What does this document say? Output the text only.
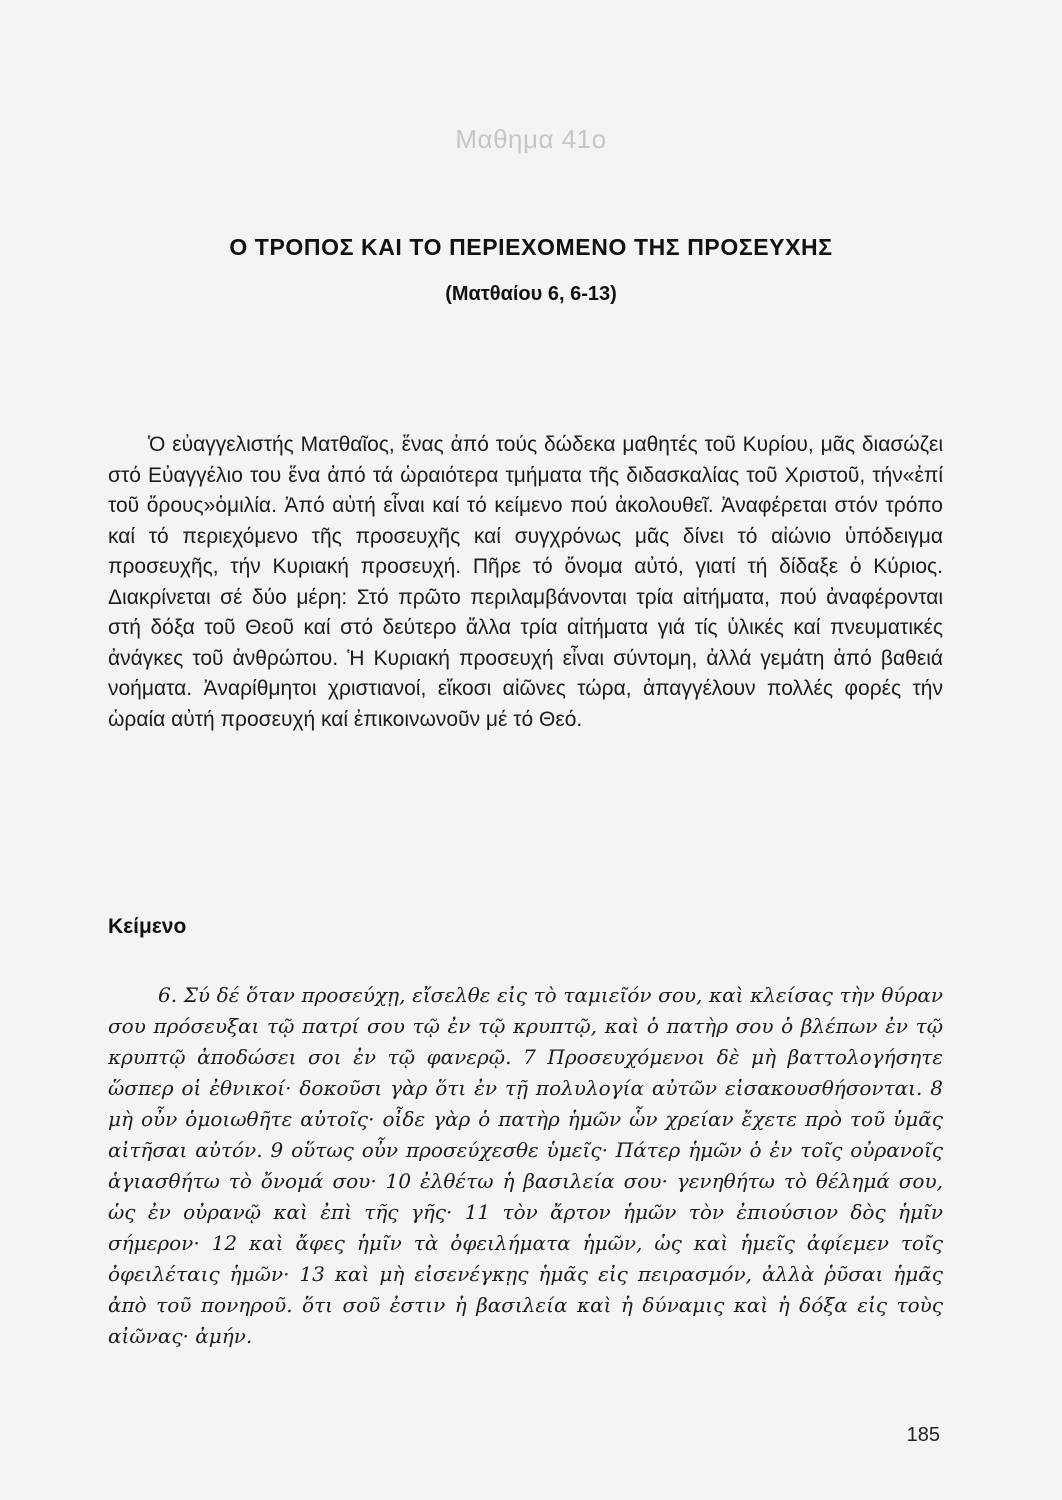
Μαθημα 41ο
Ο ΤΡΟΠΟΣ ΚΑΙ ΤΟ ΠΕΡΙΕΧΟΜΕΝΟ ΤΗΣ ΠΡΟΣΕΥΧΗΣ
(Ματθαίου 6, 6-13)

Ὁ εὐαγγελιστής Ματθαῖος, ἕνας ἀπό τούς δώδεκα μαθητές τοῦ Κυρίου, μᾶς διασώζει στό Εὐαγγέλιο του ἕνα ἀπό τά ὡραιότερα τμήματα τῆς διδασκαλίας τοῦ Χριστοῦ, τήν«ἐπί τοῦ ὄρους»ὁμιλία. Ἀπό αὐτή εἶναι καί τό κείμενο πού ἀκολουθεῖ. Ἀναφέρεται στόν τρόπο καί τό περιεχόμενο τῆς προσευχῆς καί συγχρόνως μᾶς δίνει τό αἰώνιο ὑπόδειγμα προσευχῆς, τήν Κυριακή προσευχή. Πῆρε τό ὄνομα αὐτό, γιατί τή δίδαξε ὁ Κύριος. Διακρίνεται σέ δύο μέρη: Στό πρῶτο περιλαμβάνονται τρία αἰτήματα, πού ἀναφέρονται στή δόξα τοῦ Θεοῦ καί στό δεύτερο ἄλλα τρία αἰτήματα γιά τίς ὑλικές καί πνευματικές ἀνάγκες τοῦ ἀνθρώπου. Ἡ Κυριακή προσευχή εἶναι σύντομη, ἀλλά γεμάτη ἀπό βαθειά νοήματα. Ἀναρίθμητοι χριστιανοί, εἴκοσι αἰῶνες τώρα, ἀπαγγέλουν πολλές φορές τήν ὡραία αὐτή προσευχή καί ἐπικοινωνοῦν μέ τό Θεό.

Κείμενο

6. Σύ δέ ὅταν προσεύχῃ, εἴσελθε εἰς τὸ ταμιεῖόν σου, καὶ κλείσας τὴν θύραν σου πρόσευξαι τῷ πατρί σου τῷ ἐν τῷ κρυπτῷ, καὶ ὁ πατὴρ σου ὁ βλέπων ἐν τῷ κρυπτῷ ἀποδώσει σοι ἐν τῷ φανερῷ. 7 Προσευχόμενοι δὲ μὴ βαττολογήσητε ὥσπερ οἱ ἐθνικοί· δοκοῦσι γὰρ ὅτι ἐν τῇ πολυλογία αὐτῶν εἰσακουσθήσονται. 8 μὴ οὖν ὁμοιωθῆτε αὐτοῖς· οἶδε γὰρ ὁ πατὴρ ἡμῶν ὧν χρείαν ἔχετε πρὸ τοῦ ὑμᾶς αἰτῆσαι αὐτόν. 9 οὕτως οὖν προσεύχεσθε ὑμεῖς· Πάτερ ἡμῶν ὁ ἐν τοῖς οὐρανοῖς ἁγιασθήτω τὸ ὄνομά σου· 10 ἐλθέτω ἡ βασιλεία σου· γενηθήτω τὸ θέλημά σου, ὡς ἐν οὐρανῷ καὶ ἐπὶ τῆς γῆς· 11 τὸν ἄρτον ἡμῶν τὸν ἐπιούσιον δὸς ἡμῖν σήμερον· 12 καὶ ἄφες ἡμῖν τὰ ὀφειλήματα ἡμῶν, ὡς καὶ ἡμεῖς ἀφίεμεν τοῖς ὀφειλέταις ἡμῶν· 13 καὶ μὴ εἰσενέγκῃς ἡμᾶς εἰς πειρασμόν, ἀλλὰ ῥῦσαι ἡμᾶς ἀπὸ τοῦ πονηροῦ. ὅτι σοῦ ἐστιν ἡ βασιλεία καὶ ἡ δύναμις καὶ ἡ δόξα εἰς τοὺς αἰῶνας· ἀμήν.

185
